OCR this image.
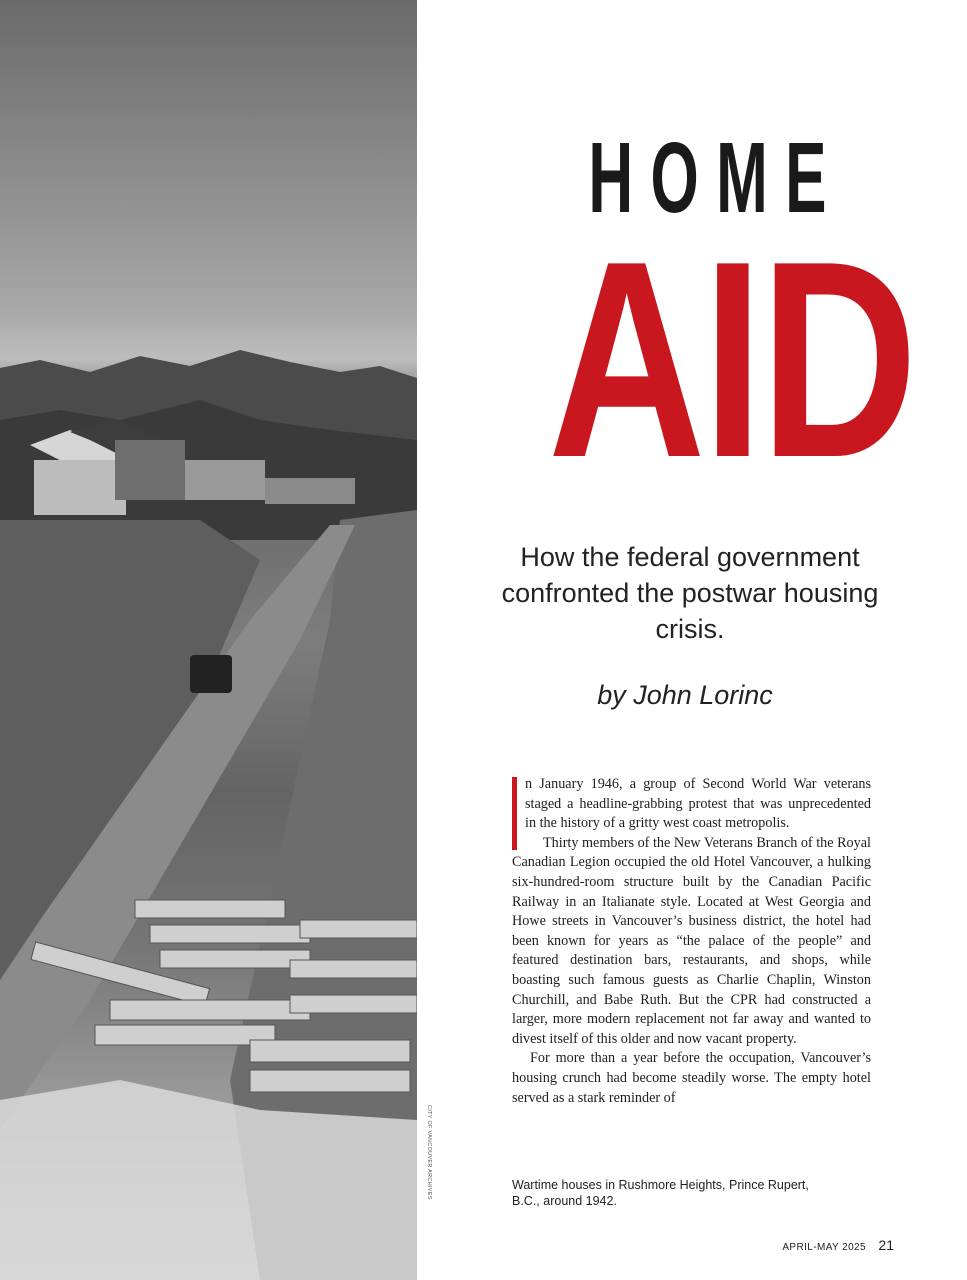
CITY OF VANCOUVER ARCHIVES
HOME
AID
How the federal government confronted the postwar housing crisis.
by John Lorinc

n January 1946, a group of Second World War veterans staged a headline-grabbing protest that was unprecedented in the history of a gritty west coast metropolis.

Thirty members of the New Veterans Branch of the Royal Canadian Legion occupied the old Hotel Vancouver, a hulking six-hundred-room structure built by the Canadian Pacific Railway in an Italianate style. Located at West Georgia and Howe streets in Vancouver’s business district, the hotel had been known for years as “the palace of the people” and featured destination bars, restaurants, and shops, while boasting such famous guests as Charlie Chaplin, Winston Churchill, and Babe Ruth. But the CPR had constructed a larger, more modern replacement not far away and wanted to divest itself of this older and now vacant property.

For more than a year before the occupation, Vancouver’s housing crunch had become steadily worse. The empty hotel served as a stark reminder of

Wartime houses in Rushmore Heights, Prince Rupert, B.C., around 1942.
APRIL-MAY 2025 21
